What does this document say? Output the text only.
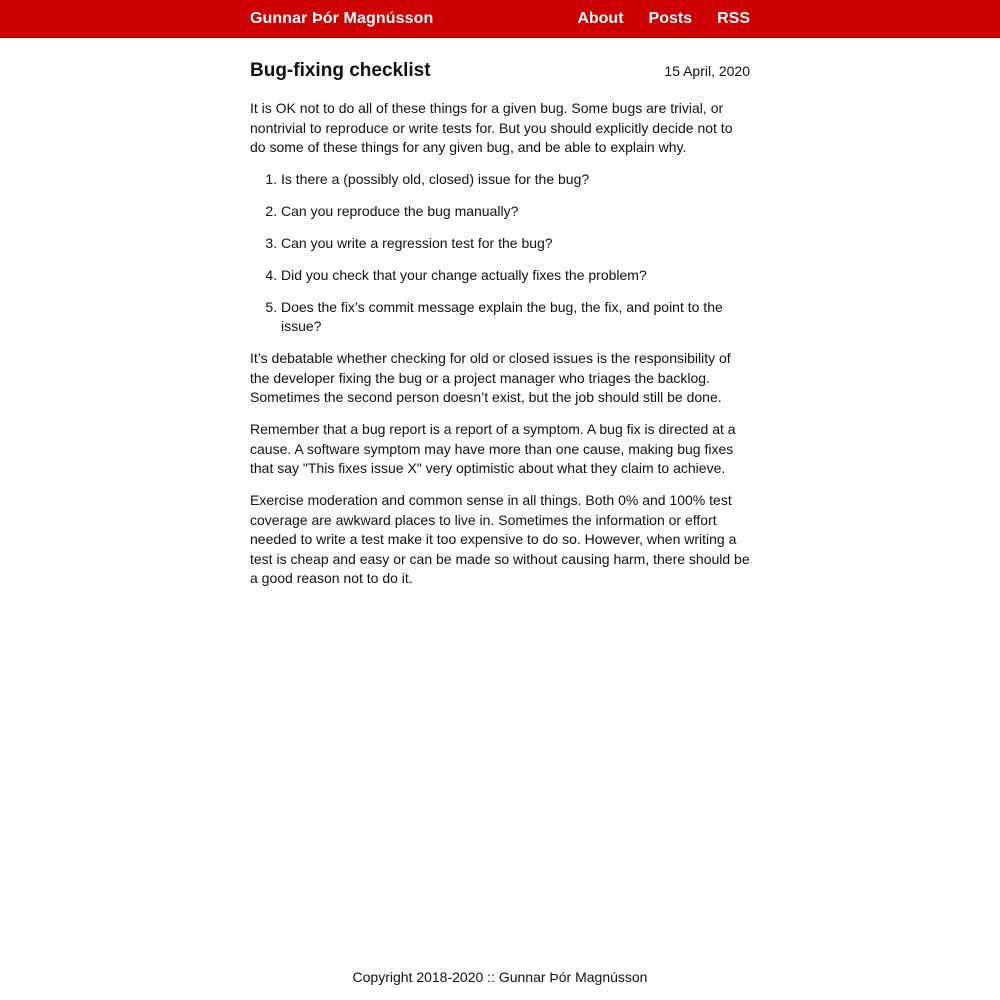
Gunnar Þór Magnússon	About Posts RSS
Bug-fixing checklist	15 April, 2020

It is OK not to do all of these things for a given bug. Some bugs are trivial, or nontrivial to reproduce or write tests for. But you should explicitly decide not to do some of these things for any given bug, and be able to explain why.

1. Is there a (possibly old, closed) issue for the bug?
2. Can you reproduce the bug manually?
3. Can you write a regression test for the bug?
4. Did you check that your change actually fixes the problem?
5. Does the fix’s commit message explain the bug, the fix, and point to the issue?

It’s debatable whether checking for old or closed issues is the responsibility of the developer fixing the bug or a project manager who triages the backlog. Sometimes the second person doesn’t exist, but the job should still be done.

Remember that a bug report is a report of a symptom. A bug fix is directed at a cause. A software symptom may have more than one cause, making bug fixes that say "This fixes issue X" very optimistic about what they claim to achieve.

Exercise moderation and common sense in all things. Both 0% and 100% test coverage are awkward places to live in. Sometimes the information or effort needed to write a test make it too expensive to do so. However, when writing a test is cheap and easy or can be made so without causing harm, there should be a good reason not to do it.

Copyright 2018-2020 :: Gunnar Þór Magnússon
